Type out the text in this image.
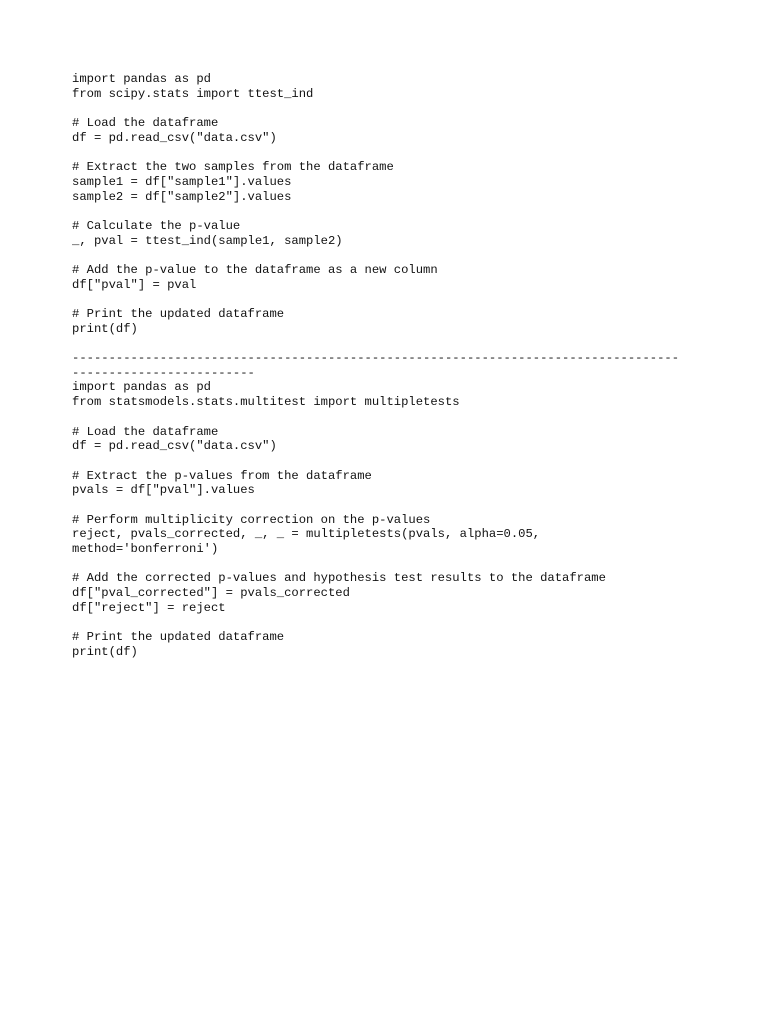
import pandas as pd
from scipy.stats import ttest_ind
# Load the dataframe
df = pd.read_csv("data.csv")
# Extract the two samples from the dataframe
sample1 = df["sample1"].values
sample2 = df["sample2"].values
# Calculate the p-value
_, pval = ttest_ind(sample1, sample2)
# Add the p-value to the dataframe as a new column
df["pval"] = pval
# Print the updated dataframe
print(df)
-----------------------------------------------------------------------------------
-------------------------
import pandas as pd
from statsmodels.stats.multitest import multipletests
# Load the dataframe
df = pd.read_csv("data.csv")
# Extract the p-values from the dataframe
pvals = df["pval"].values
# Perform multiplicity correction on the p-values
reject, pvals_corrected, _, _ = multipletests(pvals, alpha=0.05,
method='bonferroni')
# Add the corrected p-values and hypothesis test results to the dataframe
df["pval_corrected"] = pvals_corrected
df["reject"] = reject
# Print the updated dataframe
print(df)
